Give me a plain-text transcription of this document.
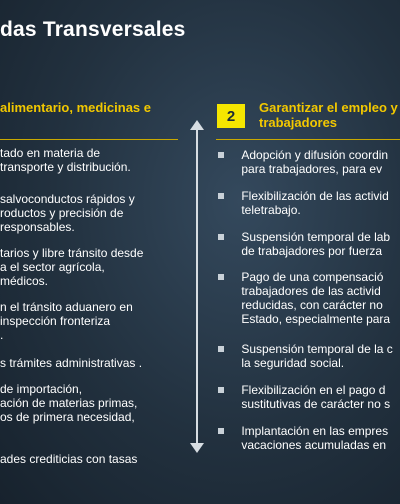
das Transversales
alimentario, medicinas e	2	Garantizar el empleo y
trabajadores
tado en materia de
transporte y distribución.
salvoconductos rápidos y
roductos y precisión de
responsables.
tarios y libre tránsito desde
a el sector agrícola,
médicos.
n el tránsito aduanero en
inspección fronteriza
.
s trámites administrativas .
de importación,
ación de materias primas,
os de primera necesidad,
ades crediticias con tasas

Adopción y difusión coordin
para trabajadores, para ev

Flexibilización de las activid
teletrabajo.

Suspensión temporal de lab
de trabajadores por fuerza

Pago de una compensació
trabajadores de las activid
reducidas, con carácter no
Estado, especialmente para

Suspensión temporal de la c
la seguridad social.

Flexibilización en el pago d
sustitutivas de carácter no s

Implantación en las empres
vacaciones acumuladas en
